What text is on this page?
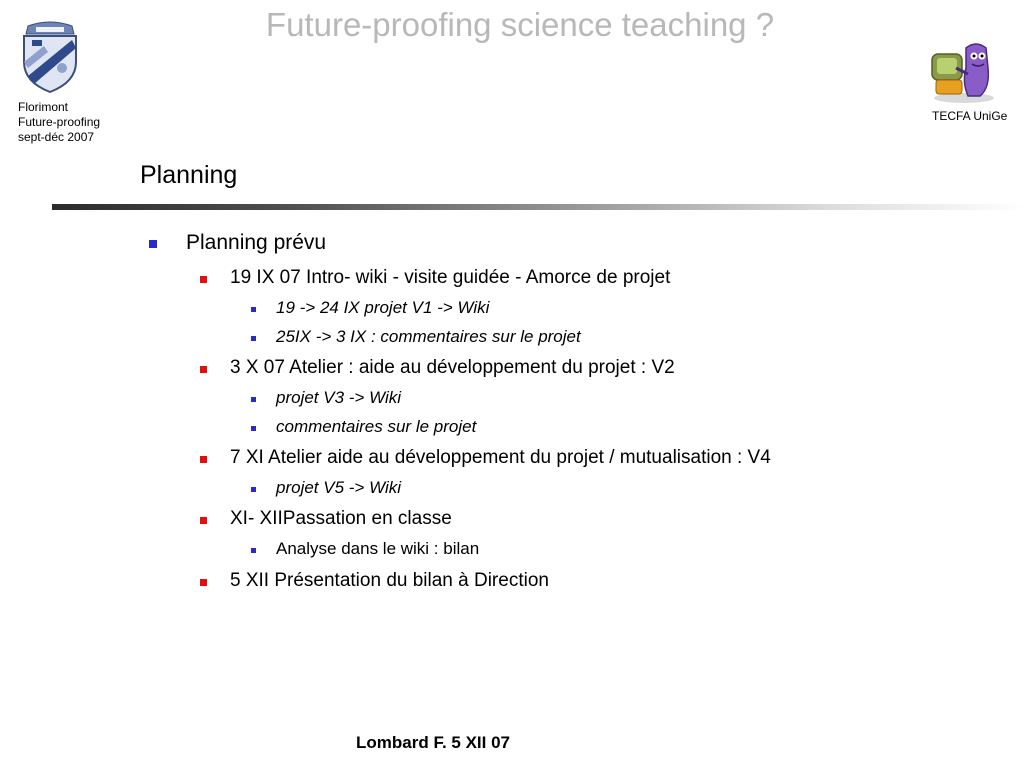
Future-proofing science teaching ?
Florimont
Future-proofing
sept-déc 2007
TECFA UniGe
Planning
Planning prévu
19 IX 07 Intro- wiki - visite guidée - Amorce de projet
19 -> 24 IX projet V1 -> Wiki
25IX -> 3 IX : commentaires sur le projet
3 X 07 Atelier : aide au développement du projet : V2
projet V3 -> Wiki
commentaires sur le projet
7 XI Atelier aide au développement du projet / mutualisation : V4
projet V5 -> Wiki
XI- XIIPassation en classe
Analyse dans le wiki : bilan
5 XII Présentation du bilan à Direction
Lombard F. 5 XII 07
